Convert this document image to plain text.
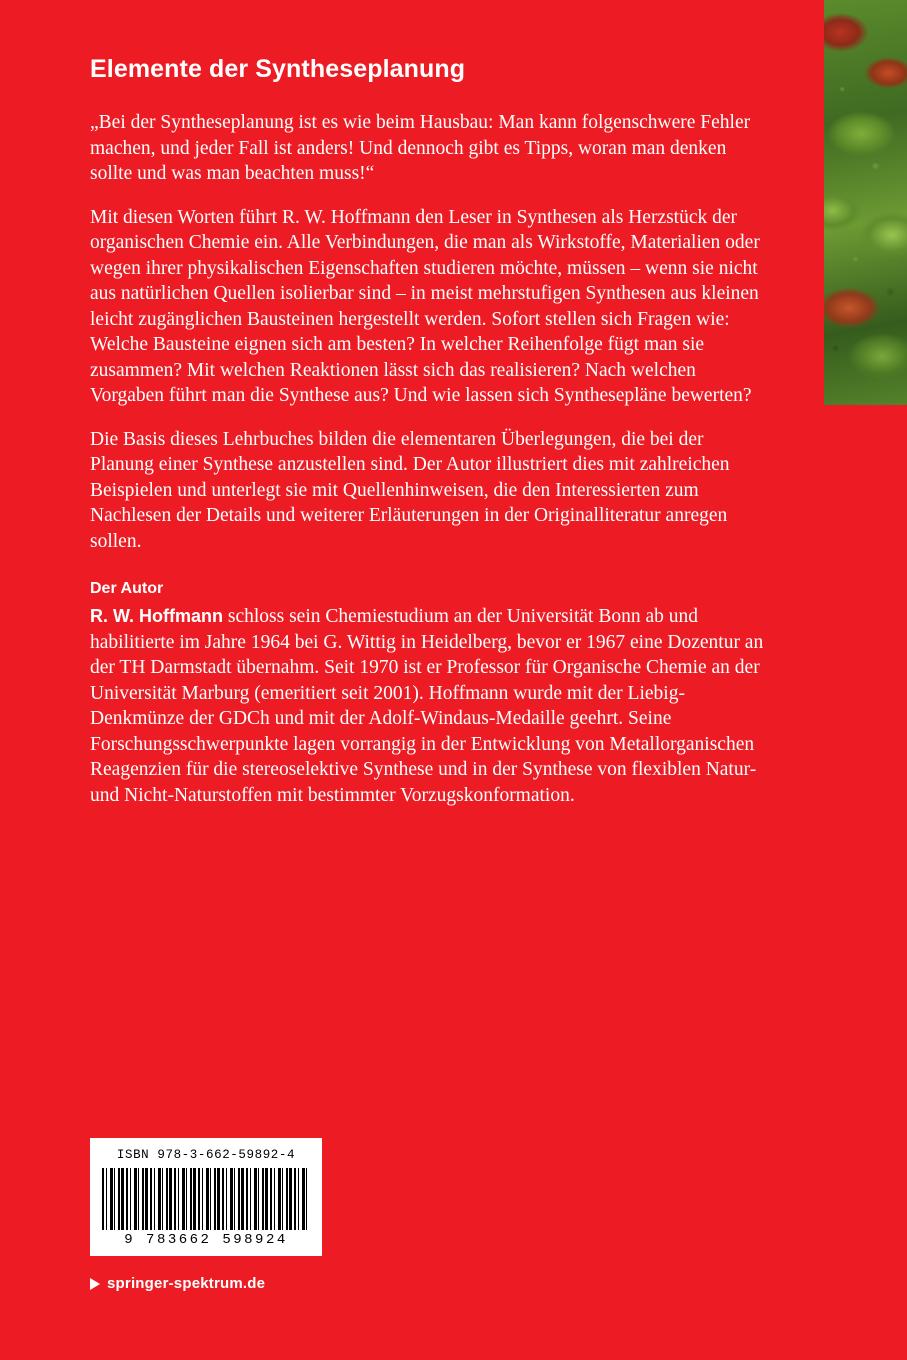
Elemente der Syntheseplanung

„Bei der Syntheseplanung ist es wie beim Hausbau: Man kann folgenschwere Fehler machen, und jeder Fall ist anders! Und dennoch gibt es Tipps, woran man denken sollte und was man beachten muss!“

Mit diesen Worten führt R. W. Hoffmann den Leser in Synthesen als Herzstück der organischen Chemie ein. Alle Verbindungen, die man als Wirkstoffe, Materialien oder wegen ihrer physikalischen Eigenschaften studieren möchte, müssen – wenn sie nicht aus natürlichen Quellen isolierbar sind – in meist mehrstufigen Synthesen aus kleinen leicht zugänglichen Bausteinen hergestellt werden. Sofort stellen sich Fragen wie: Welche Bausteine eignen sich am besten? In welcher Reihenfolge fügt man sie zusammen? Mit welchen Reaktionen lässt sich das realisieren? Nach welchen Vorgaben führt man die Synthese aus? Und wie lassen sich Synthesepläne bewerten?

Die Basis dieses Lehrbuches bilden die elementaren Überlegungen, die bei der Planung einer Synthese anzustellen sind. Der Autor illustriert dies mit zahlreichen Beispielen und unterlegt sie mit Quellenhinweisen, die den Interessierten zum Nachlesen der Details und weiterer Erläuterungen in der Originalliteratur anregen sollen.

Der Autor

R. W. Hoffmann schloss sein Chemiestudium an der Universität Bonn ab und habilitierte im Jahre 1964 bei G. Wittig in Heidelberg, bevor er 1967 eine Dozentur an der TH Darmstadt übernahm. Seit 1970 ist er Professor für Organische Chemie an der Universität Marburg (emeritiert seit 2001). Hoffmann wurde mit der Liebig-Denkmünze der GDCh und mit der Adolf-Windaus-Medaille geehrt. Seine Forschungsschwerpunkte lagen vorrangig in der Entwicklung von Metallorganischen Reagenzien für die stereoselektive Synthese und in der Synthese von flexiblen Natur- und Nicht-Naturstoffen mit bestimmter Vorzugskonformation.

ISBN 978-3-662-59892-4
9 783662 598924
springer-spektrum.de
